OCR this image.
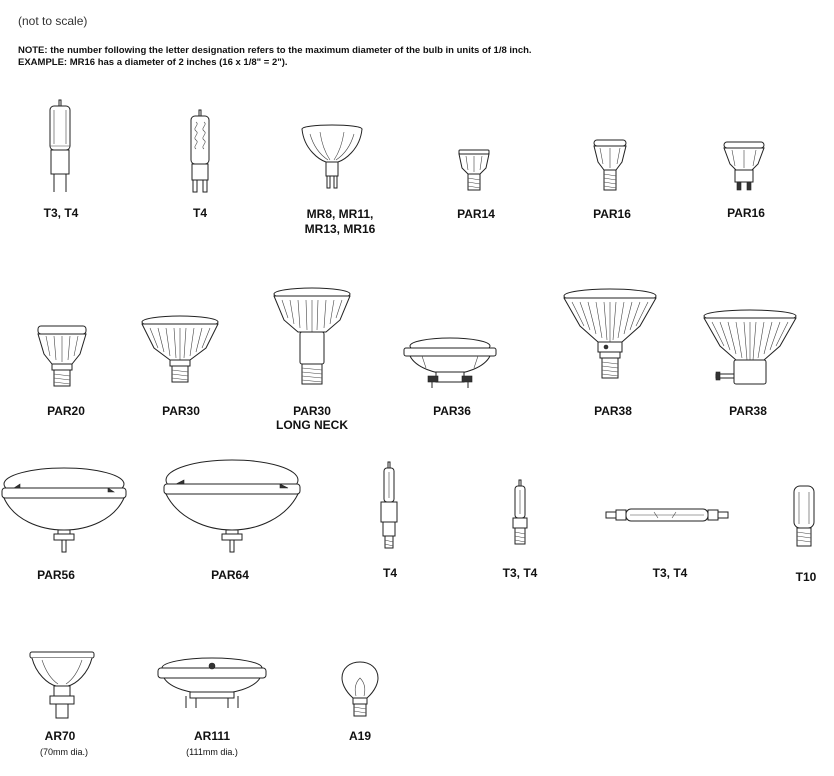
(not to scale)
NOTE: the number following the letter designation refers to the maximum diameter of the bulb in units of 1/8 inch.
EXAMPLE: MR16 has a diameter of 2 inches (16 x 1/8" = 2").
T3, T4	T4	MR8, MR11,
MR13, MR16
PAR14	PAR16	PAR16
PAR20	PAR30	PAR30
LONG NECK
PAR36	PAR38	PAR38
PAR56	PAR64	T4	T3, T4	T3, T4	T10
AR70
(70mm dia.)
AR111
(111mm dia.)
A19
